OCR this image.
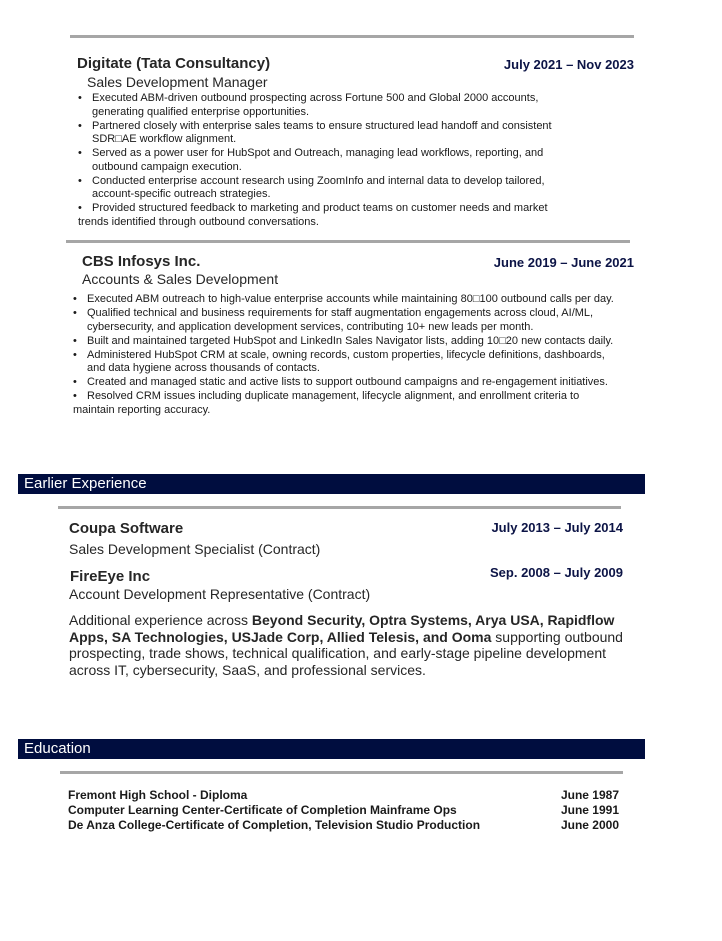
Digitate (Tata Consultancy)	July 2021 – Nov 2023
Sales Development Manager
• Executed ABM-driven outbound prospecting across Fortune 500 and Global 2000 accounts, generating qualified enterprise opportunities.
• Partnered closely with enterprise sales teams to ensure structured lead handoff and consistent SDR□AE workflow alignment.
• Served as a power user for HubSpot and Outreach, managing lead workflows, reporting, and outbound campaign execution.
• Conducted enterprise account research using ZoomInfo and internal data to develop tailored, account-specific outreach strategies.
• Provided structured feedback to marketing and product teams on customer needs and market trends identified through outbound conversations.
CBS Infosys Inc.	June 2019 – June 2021
Accounts & Sales Development
• Executed ABM outreach to high-value enterprise accounts while maintaining 80□100 outbound calls per day.
• Qualified technical and business requirements for staff augmentation engagements across cloud, AI/ML, cybersecurity, and application development services, contributing 10+ new leads per month.
• Built and maintained targeted HubSpot and LinkedIn Sales Navigator lists, adding 10□20 new contacts daily.
• Administered HubSpot CRM at scale, owning records, custom properties, lifecycle definitions, dashboards, and data hygiene across thousands of contacts.
• Created and managed static and active lists to support outbound campaigns and re-engagement initiatives.
• Resolved CRM issues including duplicate management, lifecycle alignment, and enrollment criteria to maintain reporting accuracy.
Earlier Experience
Coupa Software	July 2013 – July 2014
Sales Development Specialist (Contract)
FireEye Inc	Sep. 2008 – July 2009
Account Development Representative (Contract)
Additional experience across Beyond Security, Optra Systems, Arya USA, Rapidflow Apps, SA Technologies, USJade Corp, Allied Telesis, and Ooma supporting outbound prospecting, trade shows, technical qualification, and early-stage pipeline development across IT, cybersecurity, SaaS, and professional services.
Education
Fremont High School - Diploma	June 1987
Computer Learning Center-Certificate of Completion Mainframe Ops	June 1991
De Anza College-Certificate of Completion, Television Studio Production	June 2000
